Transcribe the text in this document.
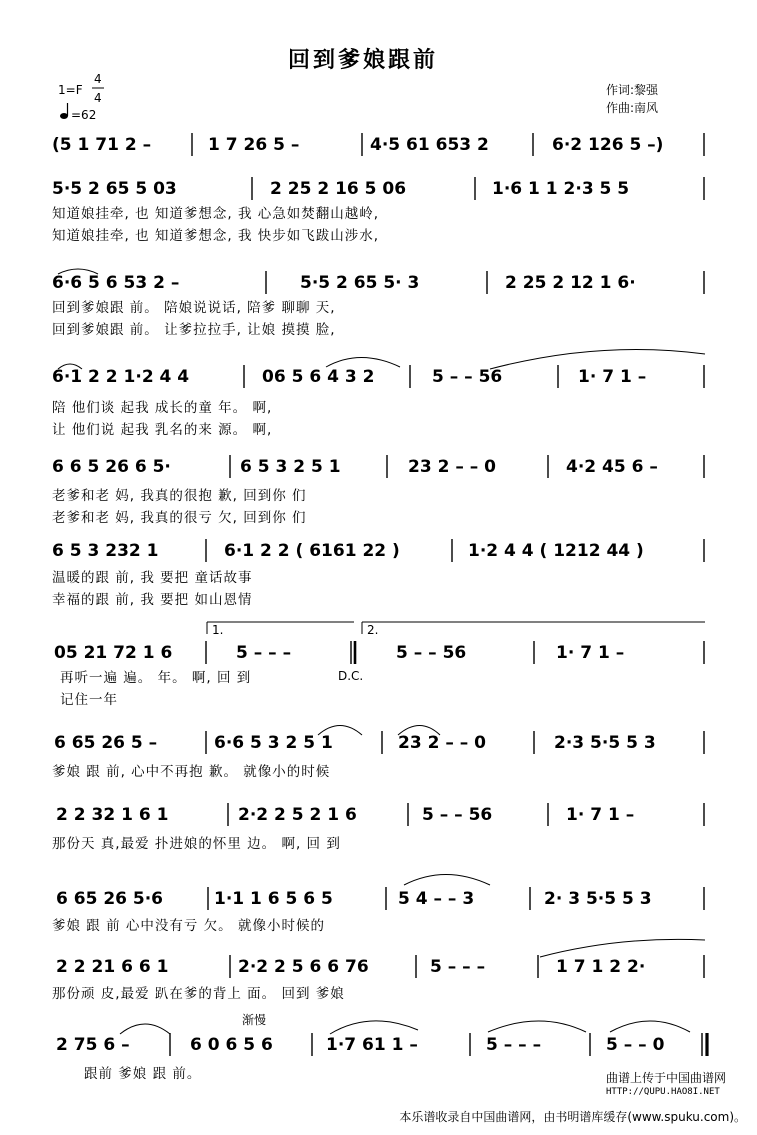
回到爹娘跟前
1=F
4
4
=62
作词:黎强
作曲:南风
(5 1 71 2 –	1 7 26 5 –	4·5 61 653 2	6·2 126 5 –)
5·5 2 65 5 03	2 25 2 16 5 06	1·6 1 1 2·3 5 5
知道娘挂牵, 也 知道爹想念, 我 心急如焚翻山越岭,
知道娘挂牵, 也 知道爹想念, 我 快步如飞跋山涉水,
6·6 5 6 53 2 –	5·5 2 65 5· 3	2 25 2 12 1 6·
回到爹娘跟 前。 陪娘说说话, 陪爹 聊聊 天,
回到爹娘跟 前。 让爹拉拉手, 让娘 摸摸 脸,
6·1 2 2 1·2 4 4	06 5 6 4 3 2	5 – – 56	1· 7 1 –
陪 他们谈 起我 成长的童 年。 啊,
让 他们说 起我 乳名的来 源。 啊,
6 6 5 26 6 5·	6 5 3 2 5 1	23 2 – – 0	4·2 45 6 –
老爹和老 妈, 我真的很抱 歉, 回到你 们
老爹和老 妈, 我真的很亏 欠, 回到你 们
6 5 3 232 1	6·1 2 2 ( 6161 22 )	1·2 4 4 ( 1212 44 )
温暖的跟 前, 我 要把 童话故事
幸福的跟 前, 我 要把 如山恩情
1.	2.
05 21 72 1 6	5 – – –	5 – – 56	1· 7 1 –
D.C.
再听一遍 遍。 年。 啊, 回 到
记住一年
6 65 26 5 –	6·6 5 3 2 5 1	23 2 – – 0	2·3 5·5 5 3
爹娘 跟 前, 心中不再抱 歉。 就像小的时候
2 2 32 1 6 1	2·2 2 5 2 1 6	5 – – 56	1· 7 1 –
那份天 真,最爱 扑进娘的怀里 边。 啊, 回 到
6 65 26 5·6	1·1 1 6 5 6 5	5 4 – – 3	2· 3 5·5 5 3
爹娘 跟 前 心中没有亏 欠。 就像小时候的
2 2 21 6 6 1	2·2 2 5 6 6 76	5 – – –	1 7 1 2 2·
那份顽 皮,最爱 趴在爹的背上 面。 回到 爹娘
渐慢
2 75 6 –	6 0 6 5 6	1·7 61 1 –	5 – – –	5 – – 0
跟前 爹娘 跟 前。	曲谱上传于中国曲谱网
HTTP://QUPU.HAO8I.NET
本乐谱收录自中国曲谱网，由书明谱库缓存(www.spuku.com)。
